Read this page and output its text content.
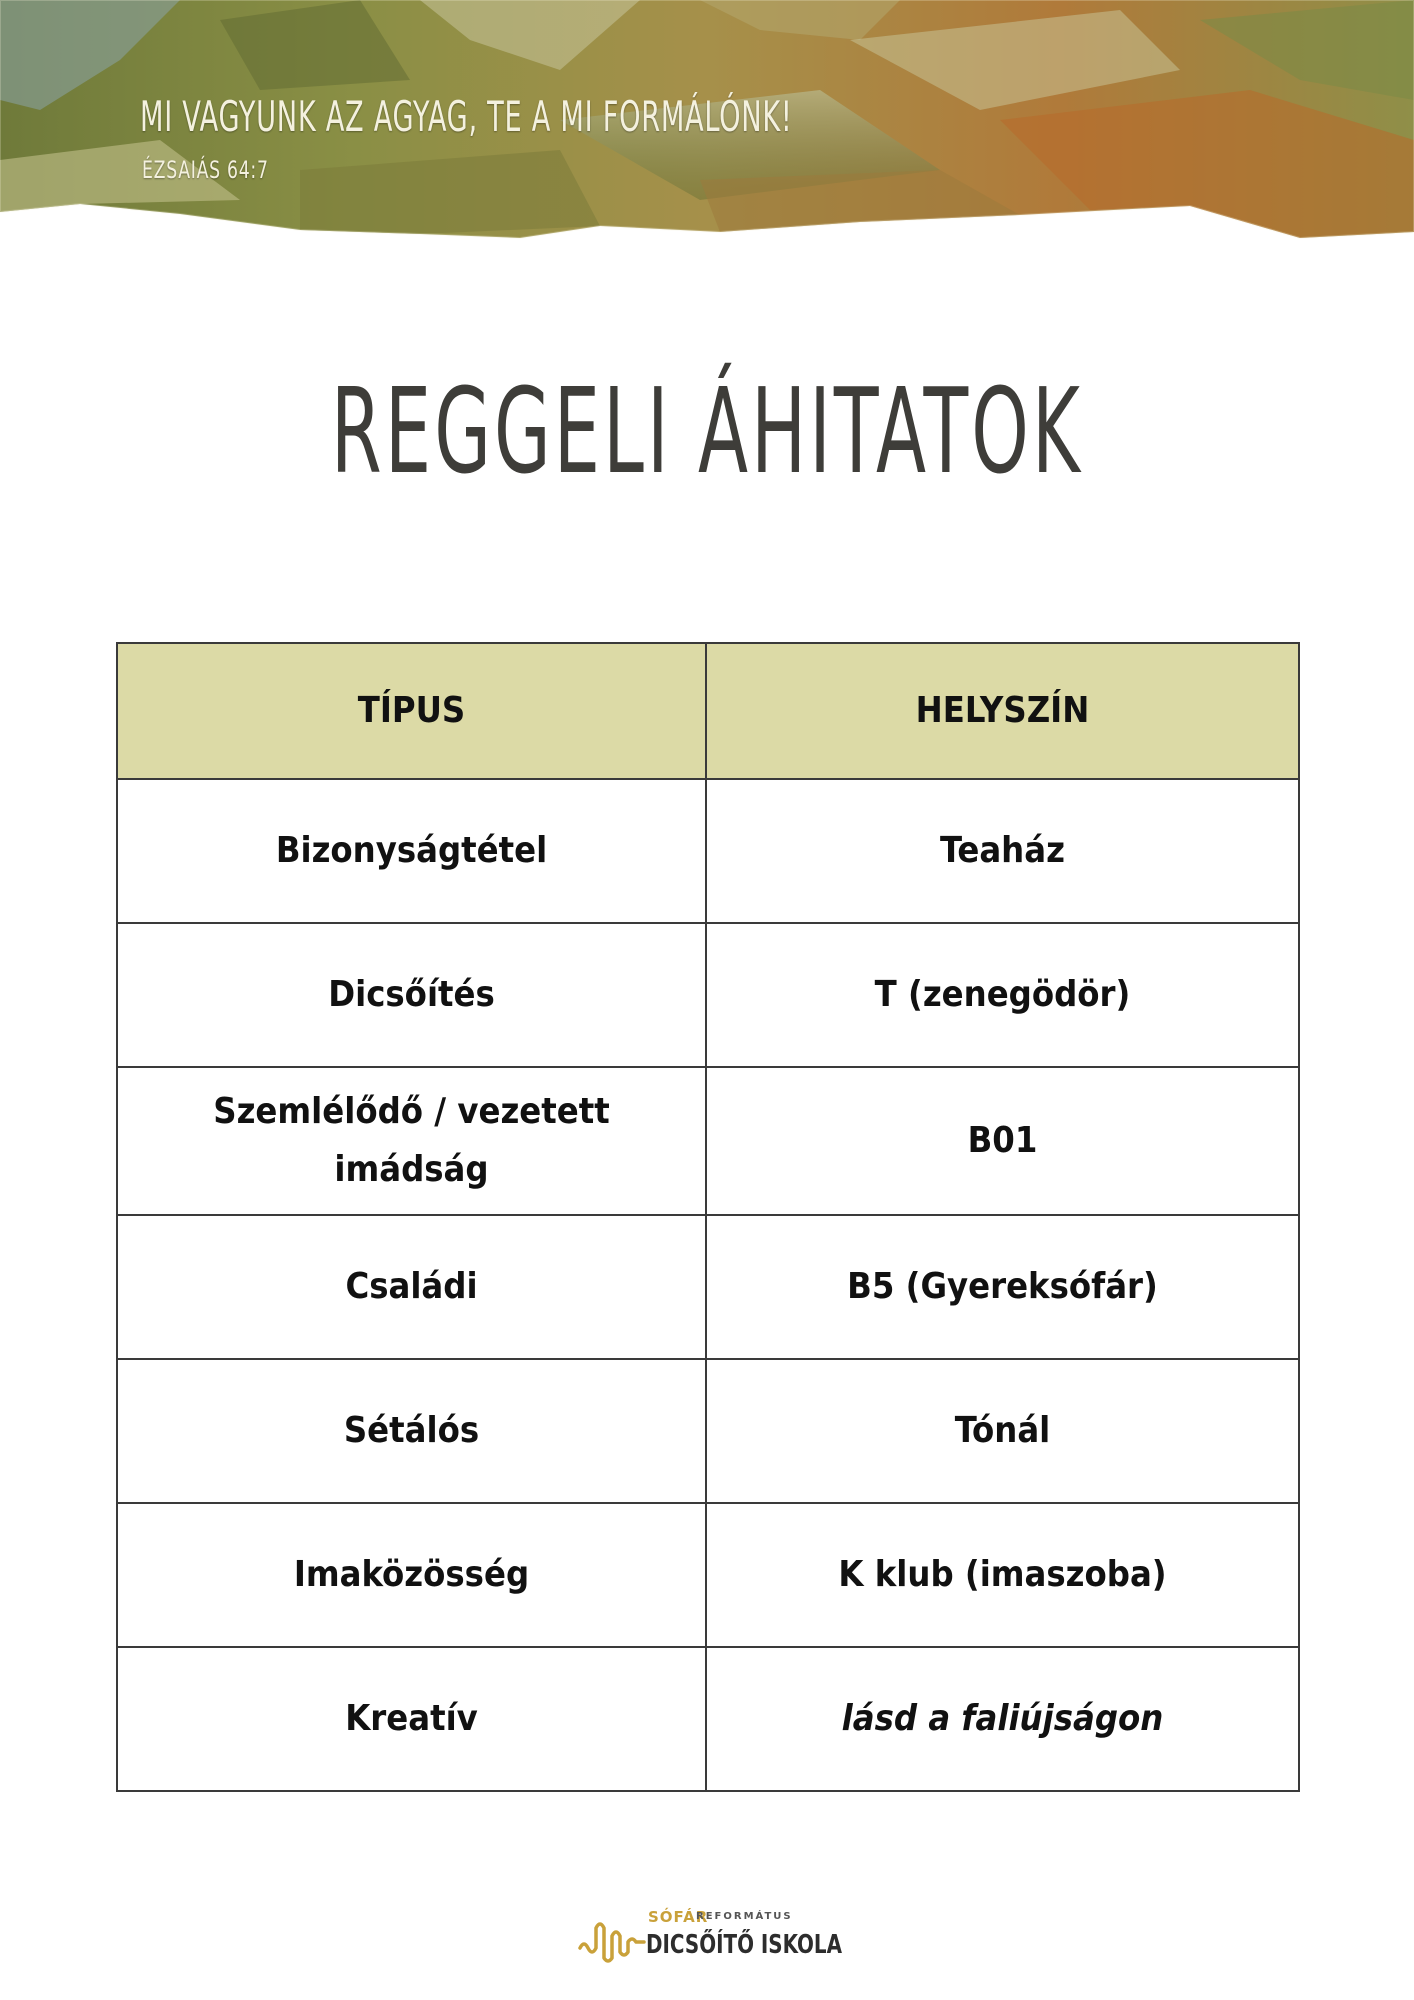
MI VAGYUNK AZ AGYAG, TE A MI FORMÁLÓNK!
ÉZSAIÁS 64:7
REGGELI ÁHITATOK
TÍPUS	HELYSZÍN
Bizonyságtétel	Teaház
Dicsőítés	T (zenegödör)
Szemlélődő / vezetett imádság	B01
Családi	B5 (Gyereksófár)
Sétálós	Tónál
Imaközösség	K klub (imaszoba)
Kreatív	lásd a faliújságon
SÓFÁR
REFORMÁTUS
DICSŐÍTŐ ISKOLA
